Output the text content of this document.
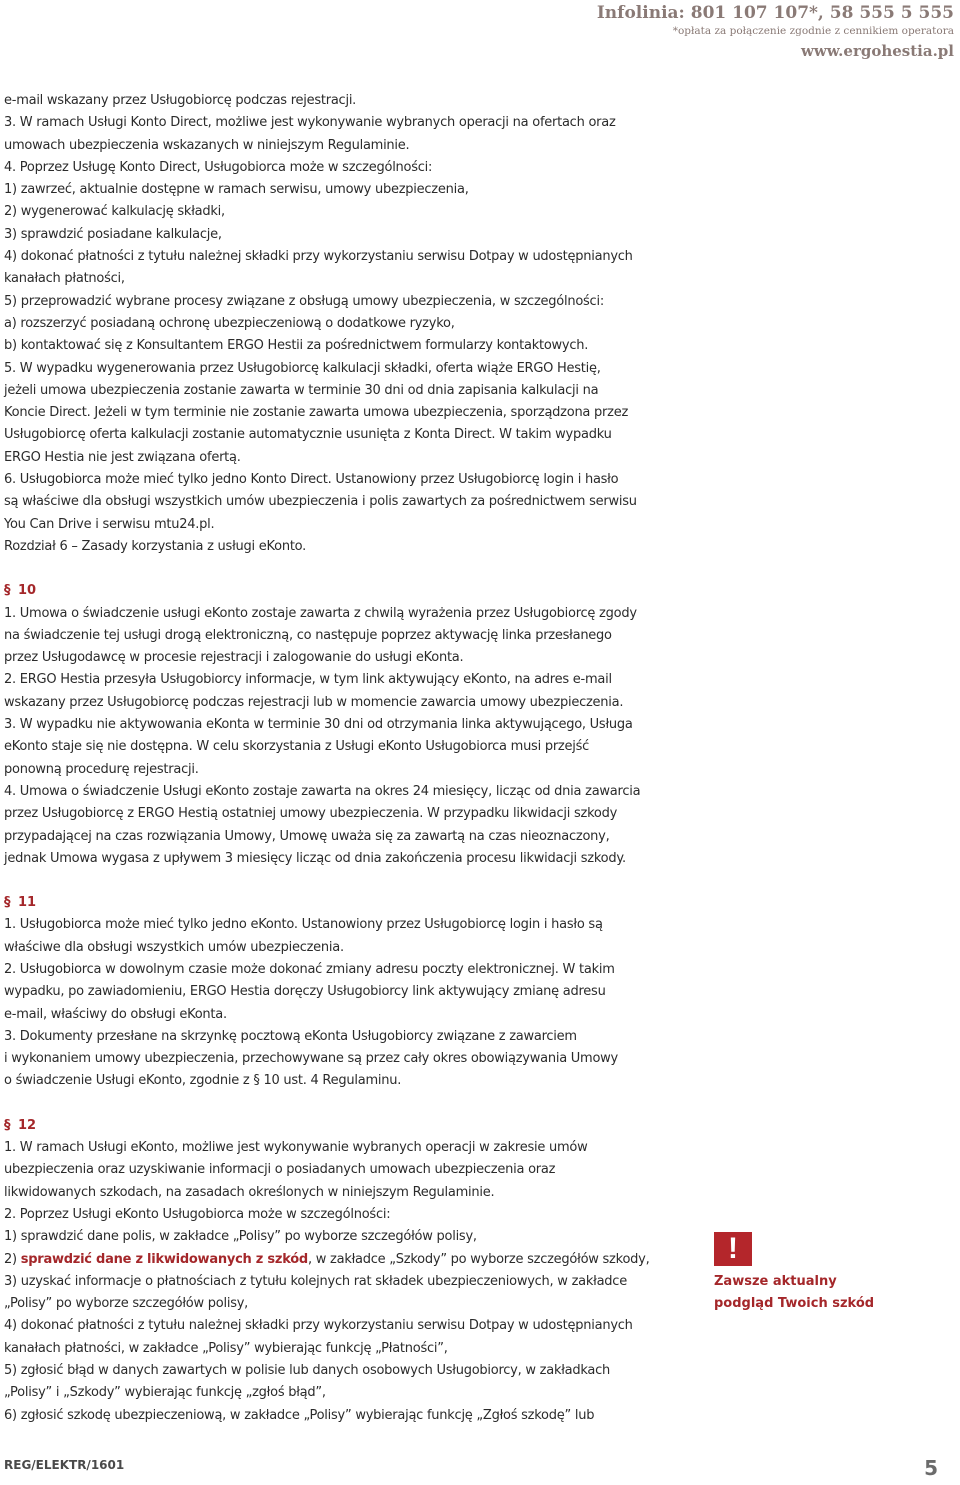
Infolinia: 801 107 107*, 58 555 5 555
*opłata za połączenie zgodnie z cennikiem operatora
www.ergohestia.pl
e-mail wskazany przez Usługobiorcę podczas rejestracji.
3. W ramach Usługi Konto Direct, możliwe jest wykonywanie wybranych operacji na ofertach oraz
umowach ubezpieczenia wskazanych w niniejszym Regulaminie.
4. Poprzez Usługę Konto Direct, Usługobiorca może w szczególności:
1) zawrzeć, aktualnie dostępne w ramach serwisu, umowy ubezpieczenia,
2) wygenerować kalkulację składki,
3) sprawdzić posiadane kalkulacje,
4) dokonać płatności z tytułu należnej składki przy wykorzystaniu serwisu Dotpay w udostępnianych
kanałach płatności,
5) przeprowadzić wybrane procesy związane z obsługą umowy ubezpieczenia, w szczególności:
a) rozszerzyć posiadaną ochronę ubezpieczeniową o dodatkowe ryzyko,
b) kontaktować się z Konsultantem ERGO Hestii za pośrednictwem formularzy kontaktowych.
5. W wypadku wygenerowania przez Usługobiorcę kalkulacji składki, oferta wiąże ERGO Hestię,
jeżeli umowa ubezpieczenia zostanie zawarta w terminie 30 dni od dnia zapisania kalkulacji na
Koncie Direct. Jeżeli w tym terminie nie zostanie zawarta umowa ubezpieczenia, sporządzona przez
Usługobiorcę oferta kalkulacji zostanie automatycznie usunięta z Konta Direct. W takim wypadku
ERGO Hestia nie jest związana ofertą.
6. Usługobiorca może mieć tylko jedno Konto Direct. Ustanowiony przez Usługobiorcę login i hasło
są właściwe dla obsługi wszystkich umów ubezpieczenia i polis zawartych za pośrednictwem serwisu
You Can Drive i serwisu mtu24.pl.
Rozdział 6 – Zasady korzystania z usługi eKonto.
§ 10
1. Umowa o świadczenie usługi eKonto zostaje zawarta z chwilą wyrażenia przez Usługobiorcę zgody
na świadczenie tej usługi drogą elektroniczną, co następuje poprzez aktywację linka przesłanego
przez Usługodawcę w procesie rejestracji i zalogowanie do usługi eKonta.
2. ERGO Hestia przesyła Usługobiorcy informacje, w tym link aktywujący eKonto, na adres e-mail
wskazany przez Usługobiorcę podczas rejestracji lub w momencie zawarcia umowy ubezpieczenia.
3. W wypadku nie aktywowania eKonta w terminie 30 dni od otrzymania linka aktywującego, Usługa
eKonto staje się nie dostępna. W celu skorzystania z Usługi eKonto Usługobiorca musi przejść
ponowną procedurę rejestracji.
4. Umowa o świadczenie Usługi eKonto zostaje zawarta na okres 24 miesięcy, licząc od dnia zawarcia
przez Usługobiorcę z ERGO Hestią ostatniej umowy ubezpieczenia. W przypadku likwidacji szkody
przypadającej na czas rozwiązania Umowy, Umowę uważa się za zawartą na czas nieoznaczony,
jednak Umowa wygasa z upływem 3 miesięcy licząc od dnia zakończenia procesu likwidacji szkody.
§ 11
1. Usługobiorca może mieć tylko jedno eKonto. Ustanowiony przez Usługobiorcę login i hasło są
właściwe dla obsługi wszystkich umów ubezpieczenia.
2. Usługobiorca w dowolnym czasie może dokonać zmiany adresu poczty elektronicznej. W takim
wypadku, po zawiadomieniu, ERGO Hestia doręczy Usługobiorcy link aktywujący zmianę adresu
e-mail, właściwy do obsługi eKonta.
3. Dokumenty przesłane na skrzynkę pocztową eKonta Usługobiorcy związane z zawarciem
i wykonaniem umowy ubezpieczenia, przechowywane są przez cały okres obowiązywania Umowy
o świadczenie Usługi eKonto, zgodnie z § 10 ust. 4 Regulaminu.
§ 12
1. W ramach Usługi eKonto, możliwe jest wykonywanie wybranych operacji w zakresie umów
ubezpieczenia oraz uzyskiwanie informacji o posiadanych umowach ubezpieczenia oraz
likwidowanych szkodach, na zasadach określonych w niniejszym Regulaminie.
2. Poprzez Usługi eKonto Usługobiorca może w szczególności:
1) sprawdzić dane polis, w zakładce „Polisy” po wyborze szczegółów polisy,
2) sprawdzić dane z likwidowanych z szkód, w zakładce „Szkody” po wyborze szczegółów szkody,
3) uzyskać informacje o płatnościach z tytułu kolejnych rat składek ubezpieczeniowych, w zakładce
„Polisy” po wyborze szczegółów polisy,
4) dokonać płatności z tytułu należnej składki przy wykorzystaniu serwisu Dotpay w udostępnianych
kanałach płatności, w zakładce „Polisy” wybierając funkcję „Płatności”,
5) zgłosić błąd w danych zawartych w polisie lub danych osobowych Usługobiorcy, w zakładkach
„Polisy” i „Szkody” wybierając funkcję „zgłoś błąd”,
6) zgłosić szkodę ubezpieczeniową, w zakładce „Polisy” wybierając funkcję „Zgłoś szkodę” lub
!
Zawsze aktualny
podgląd Twoich szkód
REG/ELEKTR/1601	5
